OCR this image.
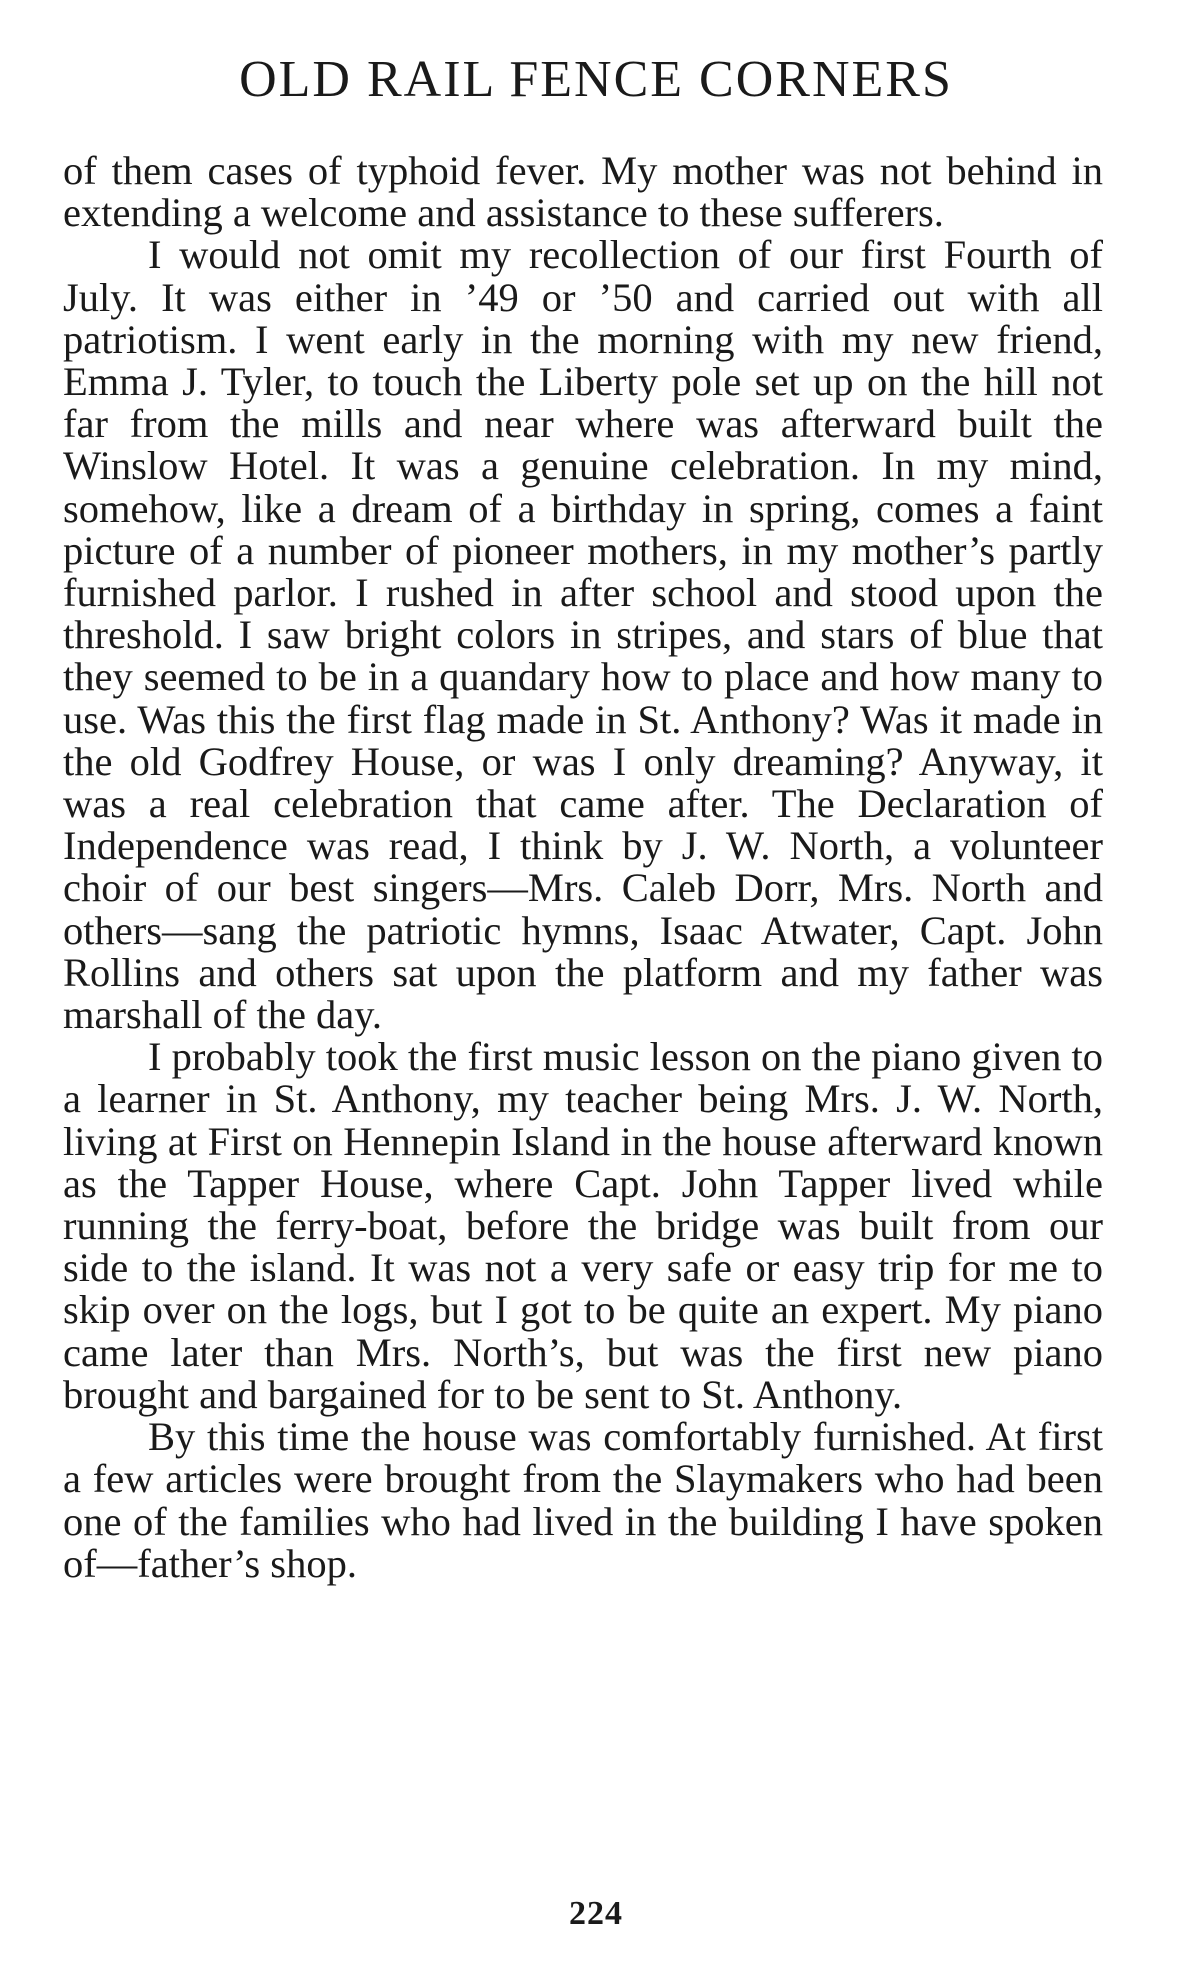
OLD RAIL FENCE CORNERS

of them cases of typhoid fever. My mother was not behind in extending a welcome and assistance to these sufferers.

I would not omit my recollection of our first Fourth of July. It was either in ’49 or ’50 and carried out with all patriotism. I went early in the morning with my new friend, Emma J. Tyler, to touch the Liberty pole set up on the hill not far from the mills and near where was afterward built the Winslow Hotel. It was a genuine celebration. In my mind, somehow, like a dream of a birthday in spring, comes a faint picture of a number of pioneer mothers, in my mother’s partly furnished parlor. I rushed in after school and stood upon the threshold. I saw bright colors in stripes, and stars of blue that they seemed to be in a quandary how to place and how many to use. Was this the first flag made in St. Anthony? Was it made in the old Godfrey House, or was I only dreaming? Anyway, it was a real celebration that came after. The Declaration of Independence was read, I think by J. W. North, a volunteer choir of our best singers—Mrs. Caleb Dorr, Mrs. North and others—sang the patriotic hymns, Isaac Atwater, Capt. John Rollins and others sat upon the platform and my father was marshall of the day.

I probably took the first music lesson on the piano given to a learner in St. Anthony, my teacher being Mrs. J. W. North, living at First on Hennepin Island in the house afterward known as the Tapper House, where Capt. John Tapper lived while running the ferry-boat, before the bridge was built from our side to the island. It was not a very safe or easy trip for me to skip over on the logs, but I got to be quite an expert. My piano came later than Mrs. North’s, but was the first new piano brought and bargained for to be sent to St. Anthony.

By this time the house was comfortably furnished. At first a few articles were brought from the Slaymakers who had been one of the families who had lived in the building I have spoken of—father’s shop.

224
